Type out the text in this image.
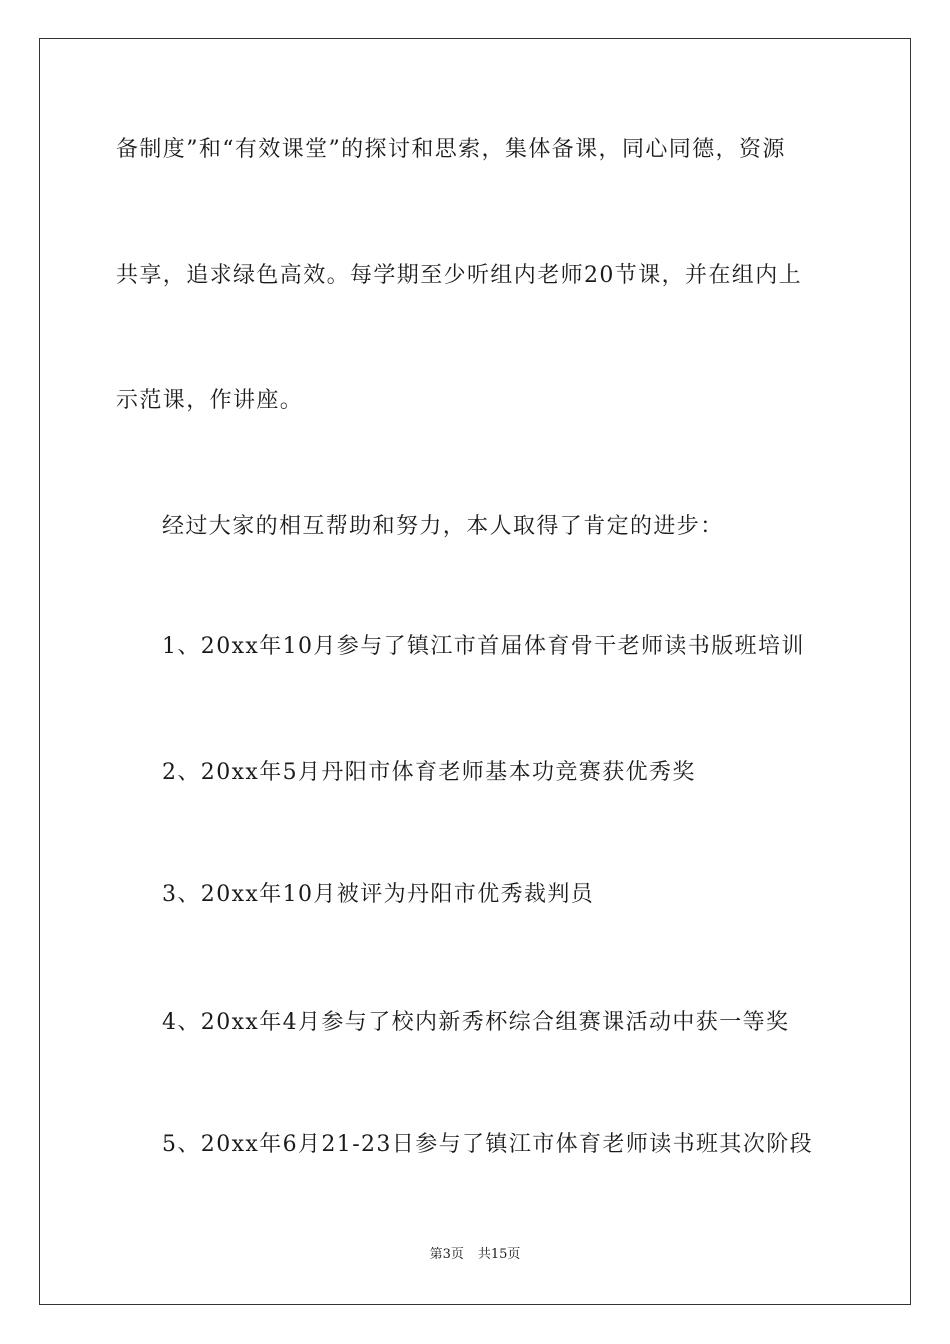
备制度”和“有效课堂”的探讨和思索，集体备课，同心同德，资源
共享，追求绿色高效。每学期至少听组内老师20节课，并在组内上
示范课，作讲座。
经过大家的相互帮助和努力，本人取得了肯定的进步：
1、20xx年10月参与了镇江市首届体育骨干老师读书版班培训
2、20xx年5月丹阳市体育老师基本功竞赛获优秀奖
3、20xx年10月被评为丹阳市优秀裁判员
4、20xx年4月参与了校内新秀杯综合组赛课活动中获一等奖
5、20xx年6月21-23日参与了镇江市体育老师读书班其次阶段
第3页 共15页
